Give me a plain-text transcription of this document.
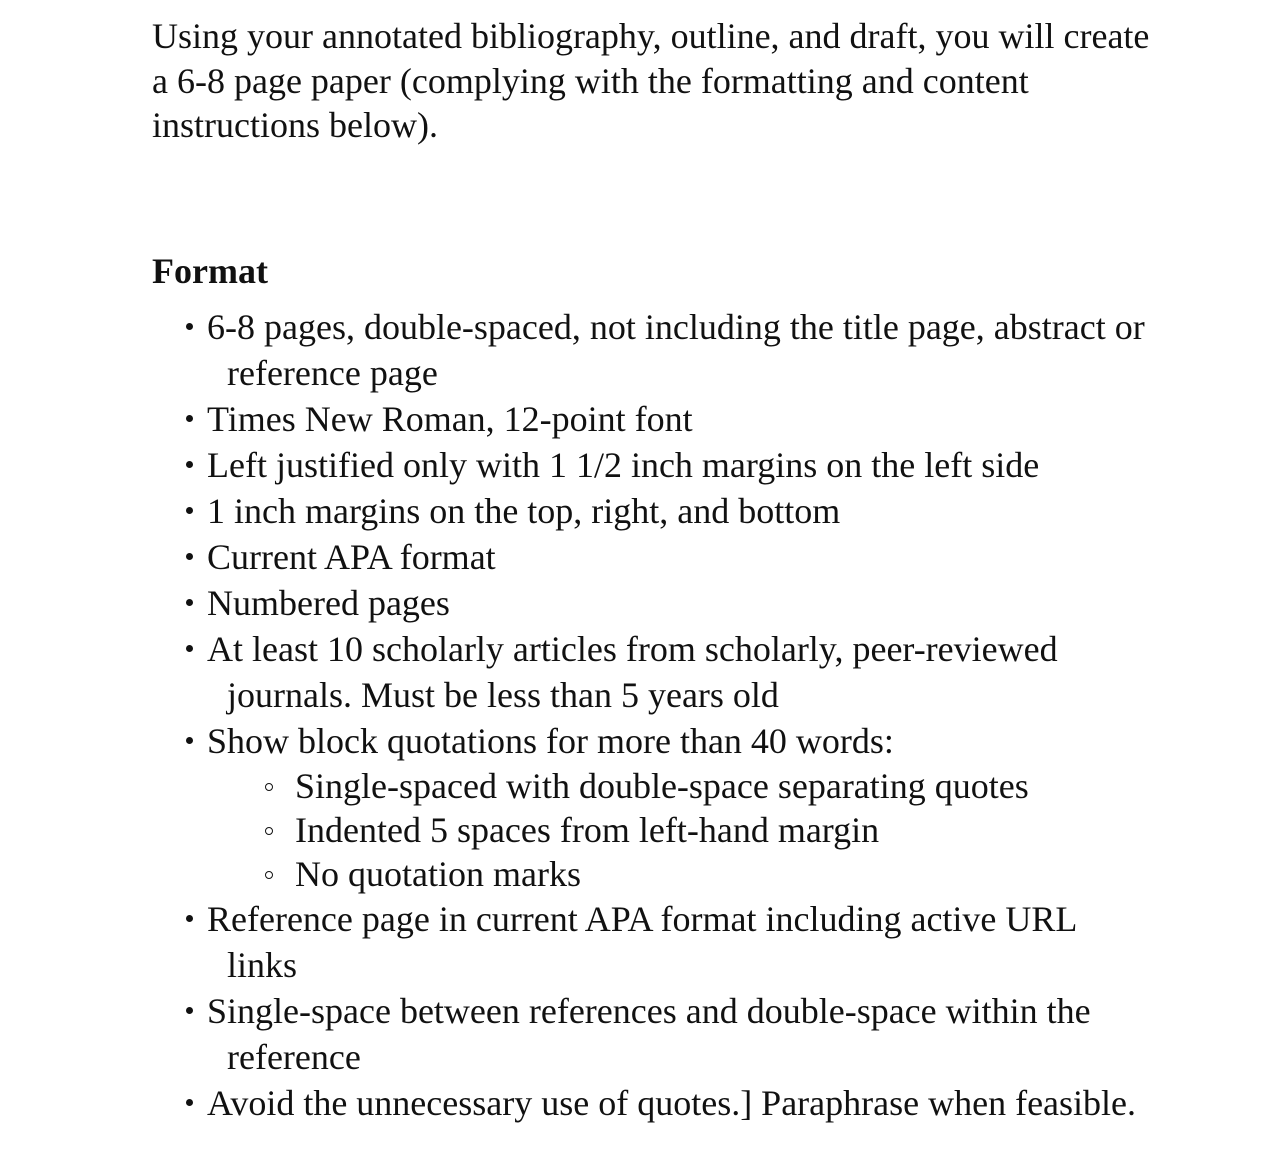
Using your annotated bibliography, outline, and draft, you will create a 6-8 page paper (complying with the formatting and content instructions below).

Format
6-8 pages, double-spaced, not including the title page, abstract or reference page
Times New Roman, 12-point font
Left justified only with 1 1/2 inch margins on the left side
1 inch margins on the top, right, and bottom
Current APA format
Numbered pages
At least 10 scholarly articles from scholarly, peer-reviewed journals. Must be less than 5 years old
Show block quotations for more than 40 words:
Single-spaced with double-space separating quotes
Indented 5 spaces from left-hand margin
No quotation marks
Reference page in current APA format including active URL links
Single-space between references and double-space within the reference
Avoid the unnecessary use of quotes.] Paraphrase when feasible.
